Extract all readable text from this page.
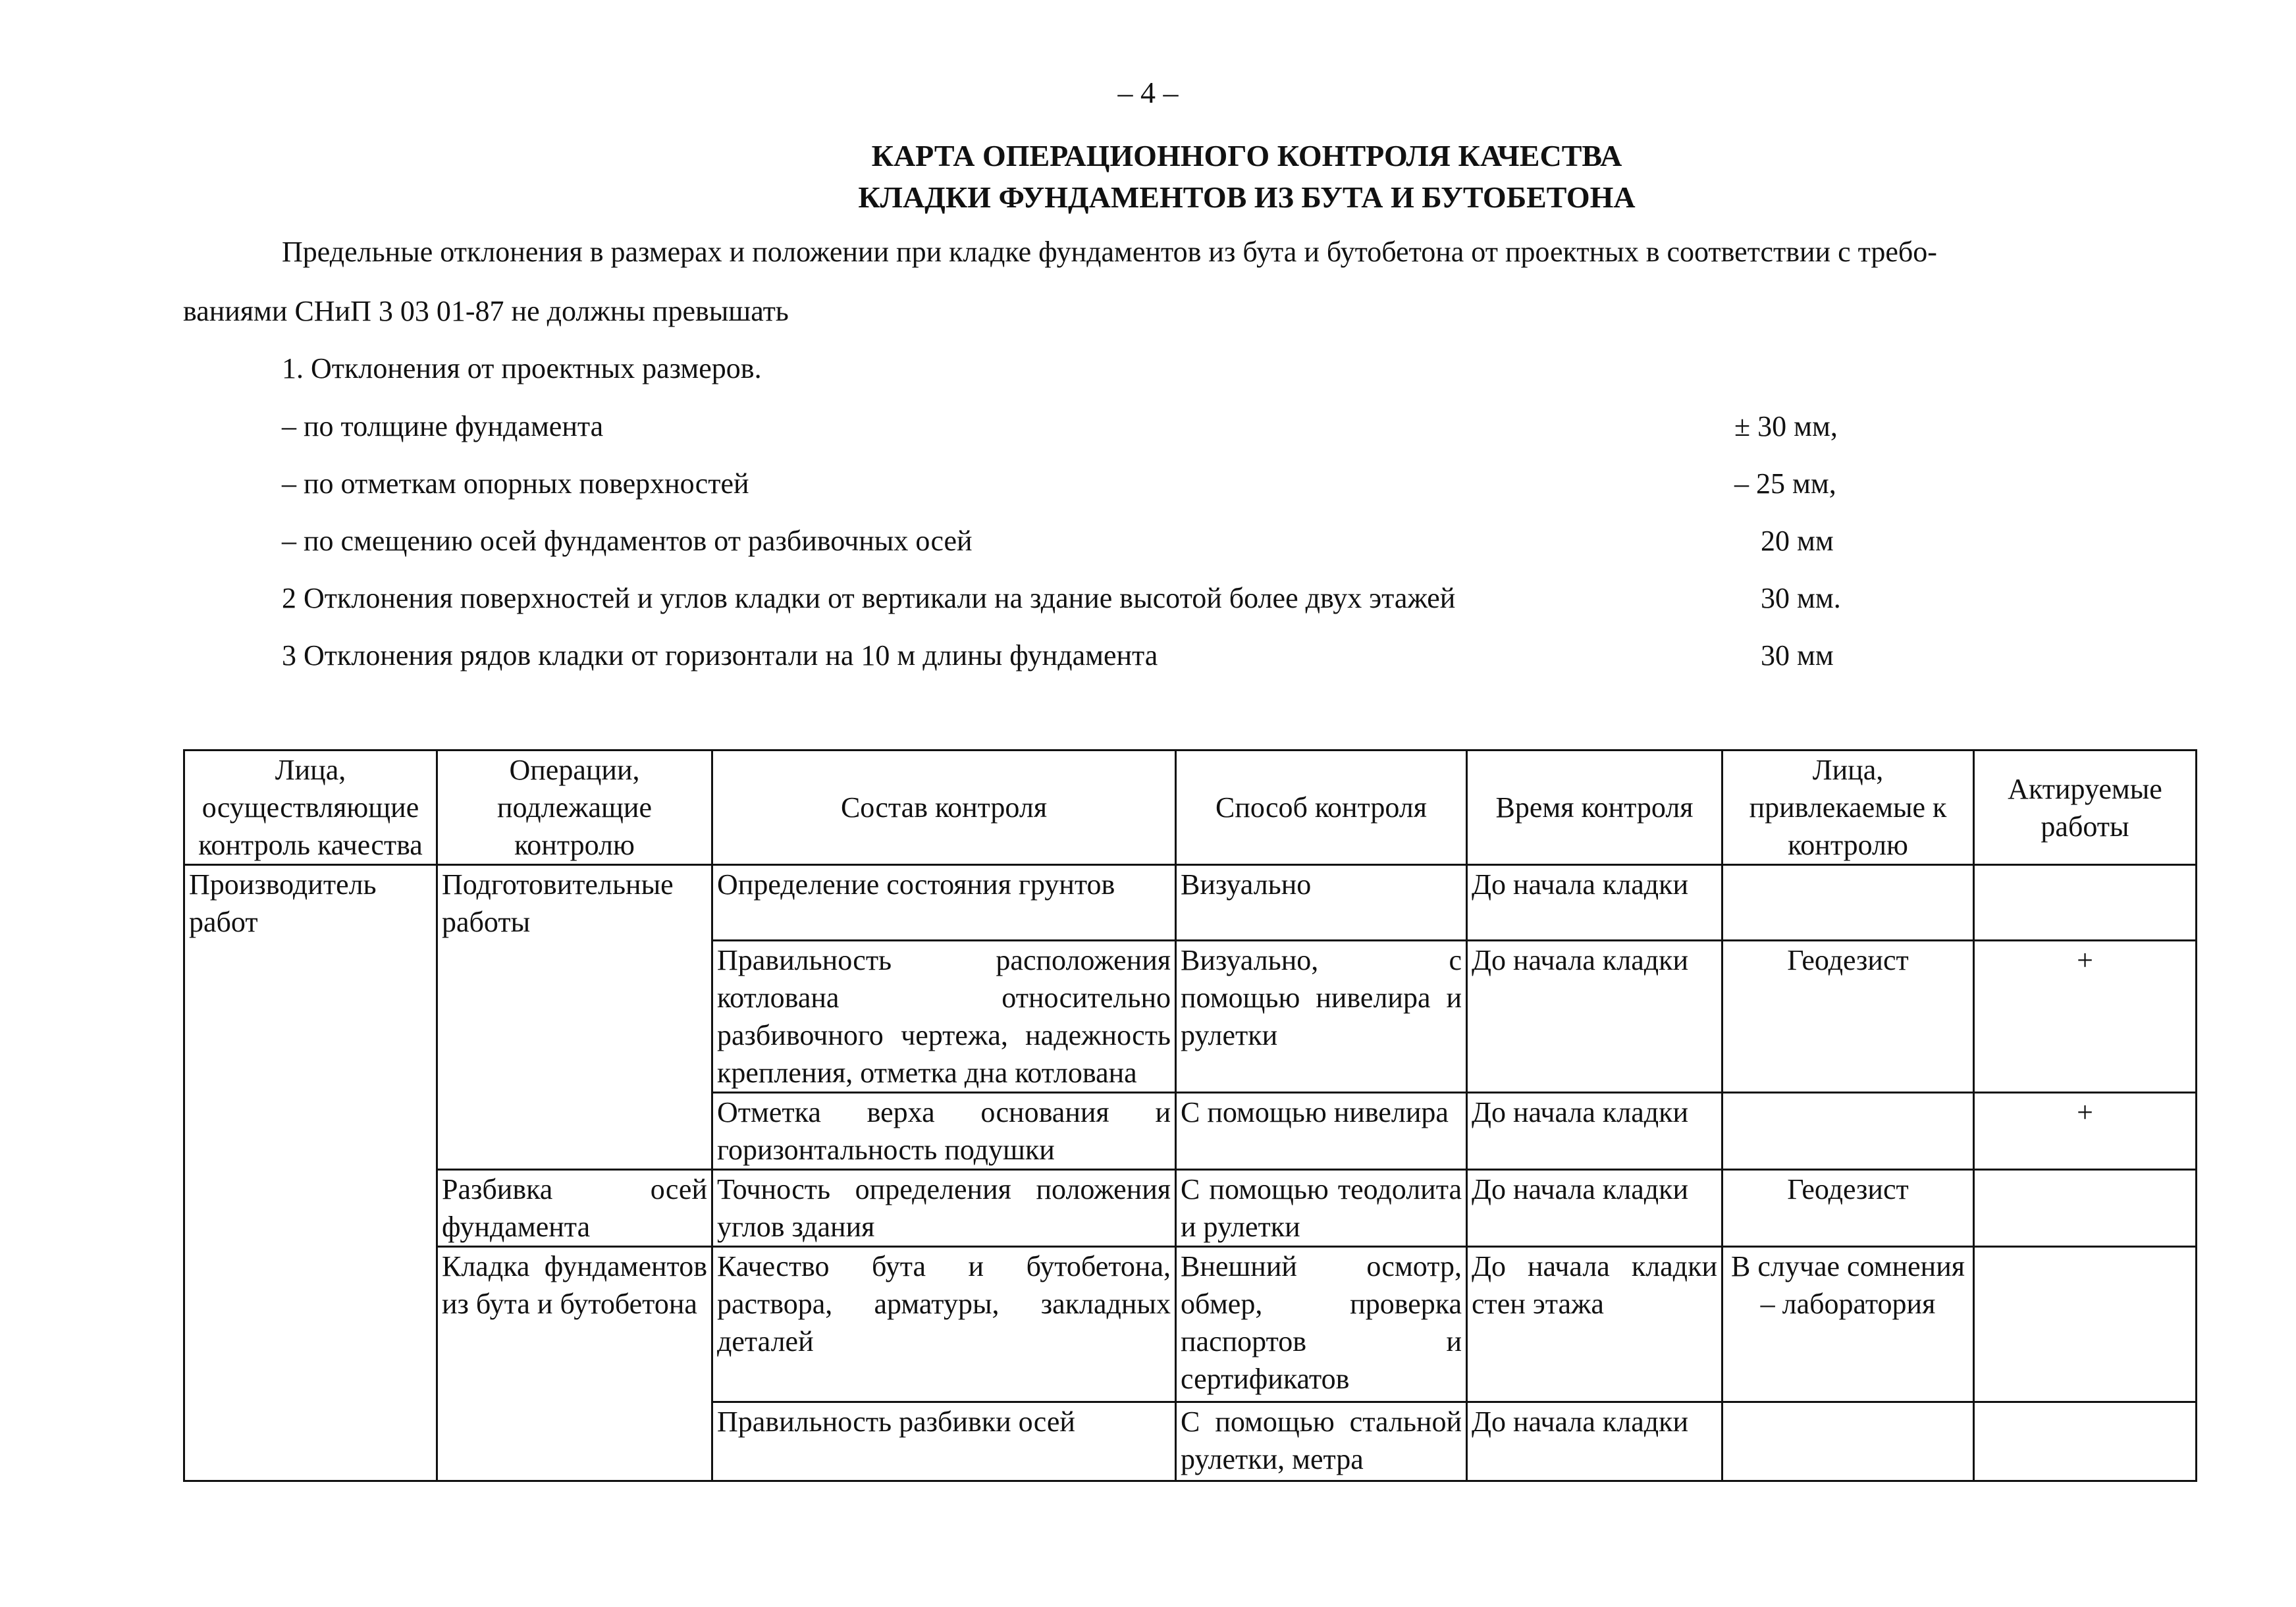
– 4 –
КАРТА ОПЕРАЦИОННОГО КОНТРОЛЯ КАЧЕСТВА
КЛАДКИ ФУНДАМЕНТОВ ИЗ БУТА И БУТОБЕТОНА
Предельные отклонения в размерах и положении при кладке фундаментов из бута и бутобетона от проектных в соответствии с требо-
ваниями СНиП 3 03 01-87 не должны превышать
1. Отклонения от проектных размеров.
– по толщине фундамента	± 30 мм,
– по отметкам опорных поверхностей	– 25 мм,
– по смещению осей фундаментов от разбивочных осей	20 мм
2 Отклонения поверхностей и углов кладки от вертикали на здание высотой более двух этажей	30 мм.
3 Отклонения рядов кладки от горизонтали на 10 м длины фундамента	30 мм
Лица, осуществляющие контроль качества	Операции, подлежащие контролю	Состав контроля	Способ контроля	Время контроля	Лица, привлекаемые к контролю	Актируемые работы
Производитель работ	Подготовительные работы	Определение состояния грунтов	Визуально	До начала кладки		
		Правильность расположения котлована относительно разбивочного чертежа, надежность крепления, отметка дна котлована	Визуально, с помощью нивелира и рулетки	До начала кладки	Геодезист	+
		Отметка верха основания и горизонтальность подушки	С помощью нивелира	До начала кладки		+
	Разбивка осей фундамента	Точность определения положения углов здания	С помощью теодолита и рулетки	До начала кладки	Геодезист	
	Кладка фундаментов из бута и бутобетона	Качество бута и бутобетона, раствора, арматуры, закладных деталей	Внешний осмотр, обмер, проверка паспортов и сертификатов	До начала кладки стен этажа	В случае сомнения – лаборатория	
		Правильность разбивки осей	С помощью стальной рулетки, метра	До начала кладки		
